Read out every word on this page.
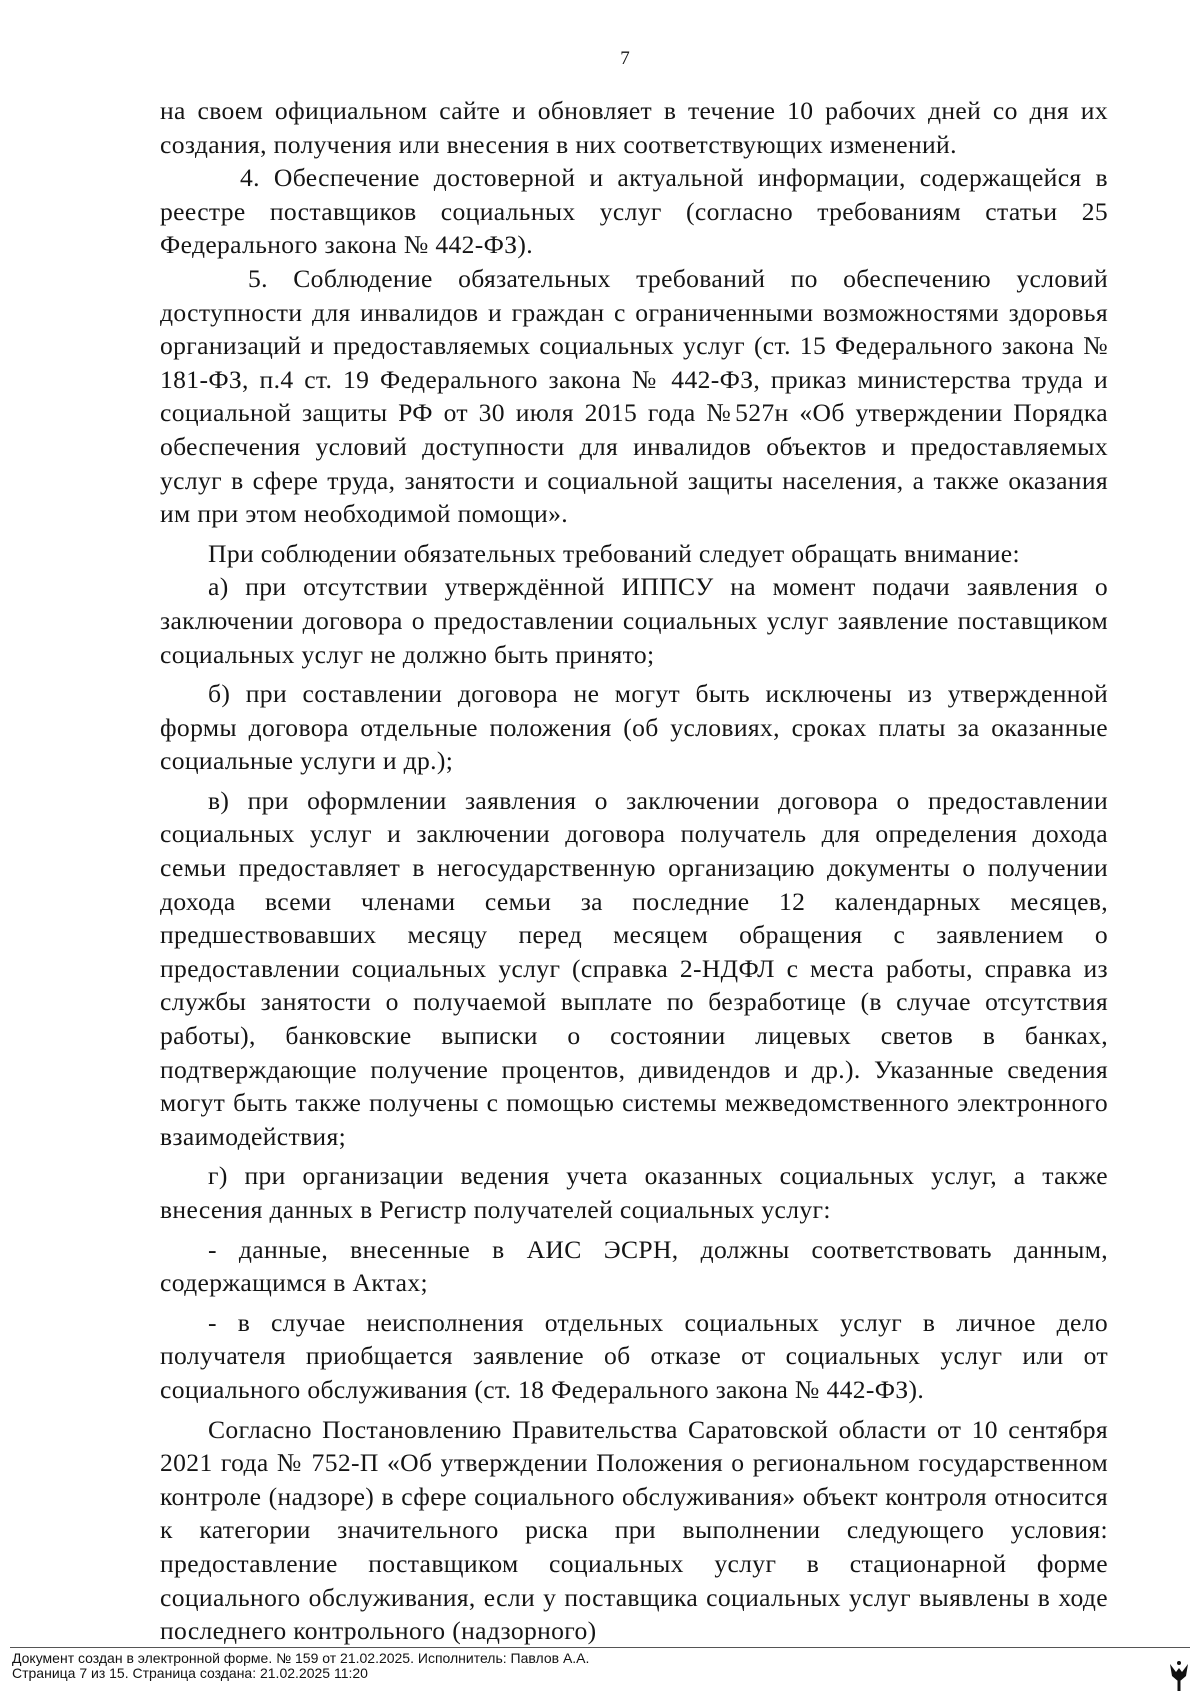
7

на своем официальном сайте и обновляет в течение 10 рабочих дней со дня их создания, получения или внесения в них соответствующих изменений.

4. Обеспечение достоверной и актуальной информации, содержащейся в реестре поставщиков социальных услуг (согласно требованиям статьи 25 Федерального закона № 442-ФЗ).

5. Соблюдение обязательных требований по обеспечению условий доступности для инвалидов и граждан с ограниченными возможностями здоровья организаций и предоставляемых социальных услуг (ст. 15 Федерального закона № 181-ФЗ, п.4 ст. 19 Федерального закона № 442-ФЗ, приказ министерства труда и социальной защиты РФ от 30 июля 2015 года №527н «Об утверждении Порядка обеспечения условий доступности для инвалидов объектов и предоставляемых услуг в сфере труда, занятости и социальной защиты населения, а также оказания им при этом необходимой помощи».

При соблюдении обязательных требований следует обращать внимание:

а) при отсутствии утверждённой ИППСУ на момент подачи заявления о заключении договора о предоставлении социальных услуг заявление поставщиком социальных услуг не должно быть принято;

б) при составлении договора не могут быть исключены из утвержденной формы договора отдельные положения (об условиях, сроках платы за оказанные социальные услуги и др.);

в) при оформлении заявления о заключении договора о предоставлении социальных услуг и заключении договора получатель для определения дохода семьи предоставляет в негосударственную организацию документы о получении дохода всеми членами семьи за последние 12 календарных месяцев, предшествовавших месяцу перед месяцем обращения с заявлением о предоставлении социальных услуг (справка 2-НДФЛ с места работы, справка из службы занятости о получаемой выплате по безработице (в случае отсутствия работы), банковские выписки о состоянии лицевых светов в банках, подтверждающие получение процентов, дивидендов и др.). Указанные сведения могут быть также получены с помощью системы межведомственного электронного взаимодействия;

г) при организации ведения учета оказанных социальных услуг, а также внесения данных в Регистр получателей социальных услуг:

- данные, внесенные в АИС ЭСРН, должны соответствовать данным, содержащимся в Актах;

- в случае неисполнения отдельных социальных услуг в личное дело получателя приобщается заявление об отказе от социальных услуг или от социального обслуживания (ст. 18 Федерального закона № 442-ФЗ).

Согласно Постановлению Правительства Саратовской области от 10 сентября 2021 года № 752-П «Об утверждении Положения о региональном государственном контроле (надзоре) в сфере социального обслуживания» объект контроля относится к категории значительного риска при выполнении следующего условия: предоставление поставщиком социальных услуг в стационарной форме социального обслуживания, если у поставщика социальных услуг выявлены в ходе последнего контрольного (надзорного)

Документ создан в электронной форме. № 159 от 21.02.2025. Исполнитель: Павлов А.А.
Страница 7 из 15. Страница создана: 21.02.2025 11:20
